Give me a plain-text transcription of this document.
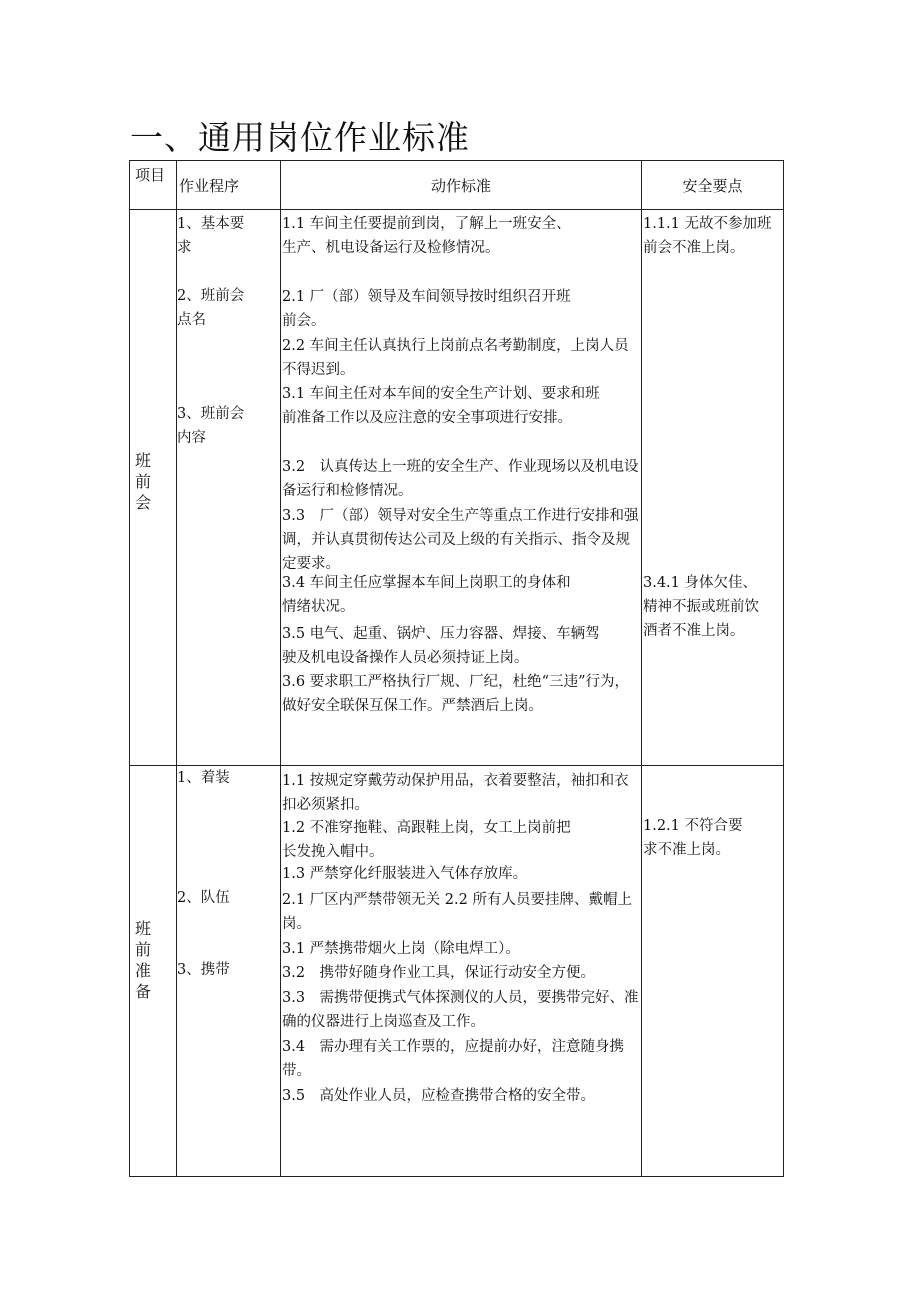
一、通用岗位作业标准
项目
作业程序	动作标准	安全要点
班前会
1、基本要求
2、班前会点名
3、班前会内容
1.1 车间主任要提前到岗，了解上一班安全、生产、机电设备运行及检修情况。
2.1 厂（部）领导及车间领导按时组织召开班前会。
2.2 车间主任认真执行上岗前点名考勤制度，上岗人员不得迟到。
3.1 车间主任对本车间的安全生产计划、要求和班前准备工作以及应注意的安全事项进行安排。
3.2　认真传达上一班的安全生产、作业现场以及机电设备运行和检修情况。
3.3　厂（部）领导对安全生产等重点工作进行安排和强调，并认真贯彻传达公司及上级的有关指示、指令及规定要求。
3.4 车间主任应掌握本车间上岗职工的身体和情绪状况。
3.5 电气、起重、锅炉、压力容器、焊接、车辆驾驶及机电设备操作人员必须持证上岗。
3.6 要求职工严格执行厂规、厂纪，杜绝“三违”行为，做好安全联保互保工作。严禁酒后上岗。
1.1.1 无故不参加班前会不准上岗。
3.4.1 身体欠佳、精神不振或班前饮酒者不准上岗。
班前准备
1、着装
2、队伍
3、携带
1.1 按规定穿戴劳动保护用品，衣着要整洁，袖扣和衣扣必须紧扣。
1.2 不准穿拖鞋、高跟鞋上岗，女工上岗前把长发挽入帽中。
1.3 严禁穿化纤服装进入气体存放库。
2.1 厂区内严禁带领无关 2.2 所有人员要挂牌、戴帽上岗。
3.1 严禁携带烟火上岗（除电焊工）。
3.2　携带好随身作业工具，保证行动安全方便。
3.3　需携带便携式气体探测仪的人员，要携带完好、准确的仪器进行上岗巡查及工作。
3.4　需办理有关工作票的，应提前办好，注意随身携带。
3.5　高处作业人员，应检查携带合格的安全带。
1.2.1 不符合要求不准上岗。
